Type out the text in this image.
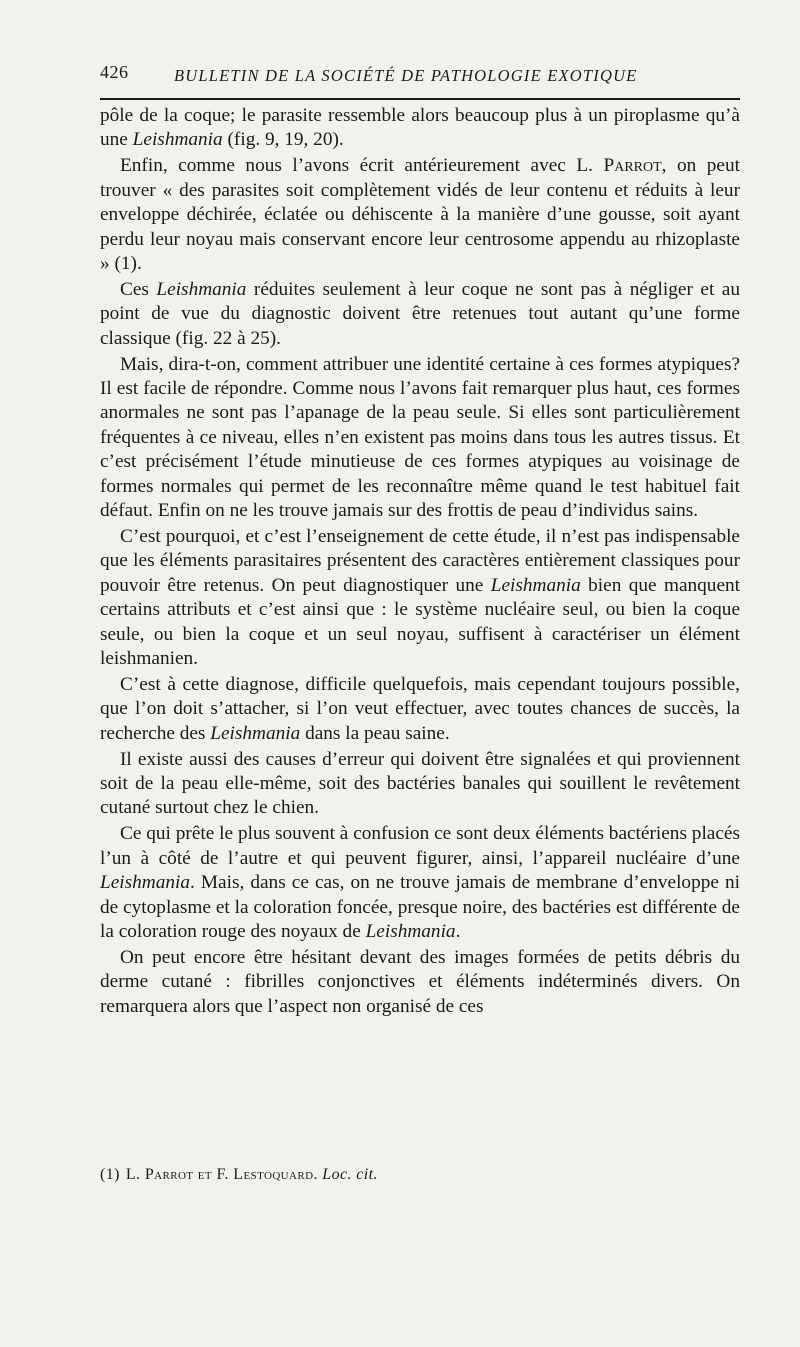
426	BULLETIN DE LA SOCIÉTÉ DE PATHOLOGIE EXOTIQUE

pôle de la coque; le parasite ressemble alors beaucoup plus à un piroplasme qu’à une Leishmania (fig. 9, 19, 20).

Enfin, comme nous l’avons écrit antérieurement avec L. Parrot, on peut trouver « des parasites soit complètement vidés de leur contenu et réduits à leur enveloppe déchirée, éclatée ou déhiscente à la manière d’une gousse, soit ayant perdu leur noyau mais conservant encore leur centrosome appendu au rhizoplaste » (1).

Ces Leishmania réduites seulement à leur coque ne sont pas à négliger et au point de vue du diagnostic doivent être retenues tout autant qu’une forme classique (fig. 22 à 25).

Mais, dira-t-on, comment attribuer une identité certaine à ces formes atypiques? Il est facile de répondre. Comme nous l’avons fait remarquer plus haut, ces formes anormales ne sont pas l’apanage de la peau seule. Si elles sont particulièrement fréquentes à ce niveau, elles n’en existent pas moins dans tous les autres tissus. Et c’est précisément l’étude minutieuse de ces formes atypiques au voisinage de formes normales qui permet de les reconnaître même quand le test habituel fait défaut. Enfin on ne les trouve jamais sur des frottis de peau d’individus sains.

C’est pourquoi, et c’est l’enseignement de cette étude, il n’est pas indispensable que les éléments parasitaires présentent des caractères entièrement classiques pour pouvoir être retenus. On peut diagnostiquer une Leishmania bien que manquent certains attributs et c’est ainsi que : le système nucléaire seul, ou bien la coque seule, ou bien la coque et un seul noyau, suffisent à caractériser un élément leishmanien.

C’est à cette diagnose, difficile quelquefois, mais cependant toujours possible, que l’on doit s’attacher, si l’on veut effectuer, avec toutes chances de succès, la recherche des Leishmania dans la peau saine.

Il existe aussi des causes d’erreur qui doivent être signalées et qui proviennent soit de la peau elle-même, soit des bactéries banales qui souillent le revêtement cutané surtout chez le chien.

Ce qui prête le plus souvent à confusion ce sont deux éléments bactériens placés l’un à côté de l’autre et qui peuvent figurer, ainsi, l’appareil nucléaire d’une Leishmania. Mais, dans ce cas, on ne trouve jamais de membrane d’enveloppe ni de cytoplasme et la coloration foncée, presque noire, des bactéries est différente de la coloration rouge des noyaux de Leishmania.

On peut encore être hésitant devant des images formées de petits débris du derme cutané : fibrilles conjonctives et éléments indéterminés divers. On remarquera alors que l’aspect non organisé de ces

(1) L. Parrot et F. Lestoquard. Loc. cit.
